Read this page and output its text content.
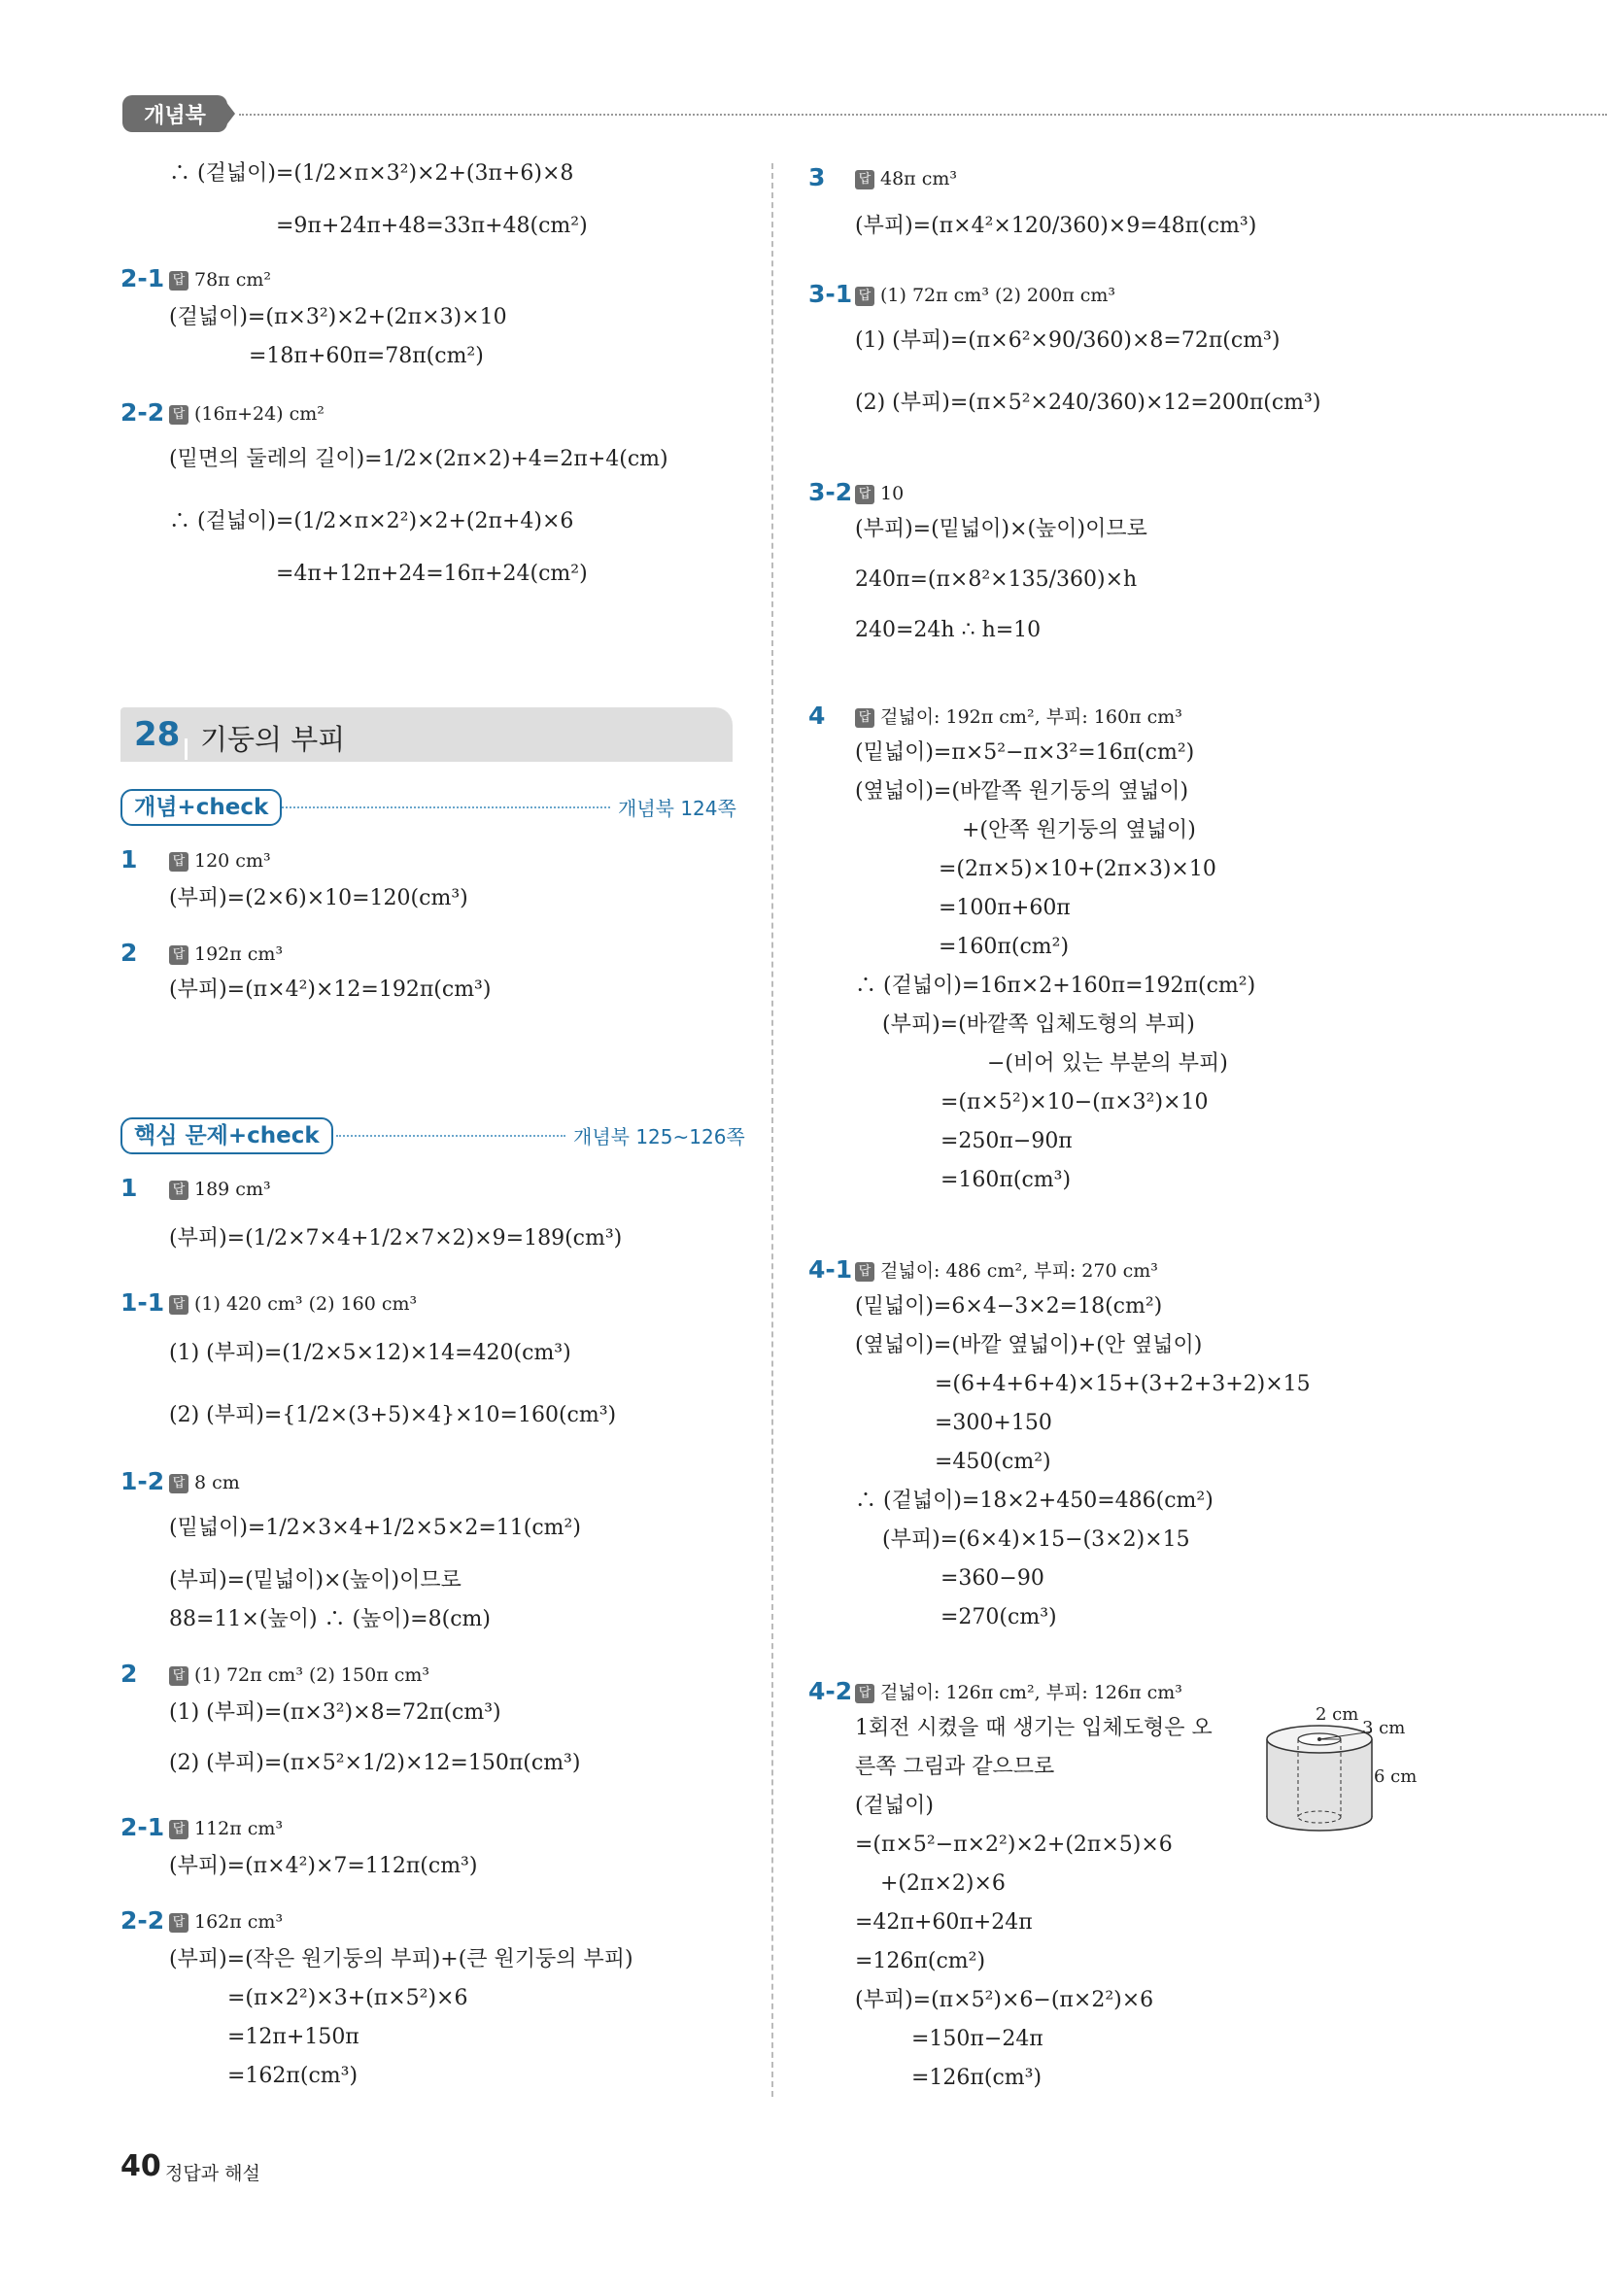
개념북
∴ (겉넓이)=(1/2×π×3²)×2+(3π+6)×8
=9π+24π+48=33π+48(cm²)
2-1 답 78π cm²
(겉넓이)=(π×3²)×2+(2π×3)×10
=18π+60π=78π(cm²)
2-2 답 (16π+24) cm²
(밑면의 둘레의 길이)=1/2×(2π×2)+4=2π+4(cm)
∴ (겉넓이)=(1/2×π×2²)×2+(2π+4)×6
=4π+12π+24=16π+24(cm²)
28 기둥의 부피
개념+check	개념북 124쪽
1	답 120 cm³
(부피)=(2×6)×10=120(cm³)
2	답 192π cm³
(부피)=(π×4²)×12=192π(cm³)
핵심 문제+check	개념북 125~126쪽
1	답 189 cm³
(부피)=(1/2×7×4+1/2×7×2)×9=189(cm³)
1-1 답 (1) 420 cm³ (2) 160 cm³
(1) (부피)=(1/2×5×12)×14=420(cm³)
(2) (부피)={1/2×(3+5)×4}×10=160(cm³)
1-2 답 8 cm
(밑넓이)=1/2×3×4+1/2×5×2=11(cm²)
(부피)=(밑넓이)×(높이)이므로
88=11×(높이) ∴ (높이)=8(cm)
2	답 (1) 72π cm³ (2) 150π cm³
(1) (부피)=(π×3²)×8=72π(cm³)
(2) (부피)=(π×5²×1/2)×12=150π(cm³)
2-1 답 112π cm³
(부피)=(π×4²)×7=112π(cm³)
2-2 답 162π cm³
(부피)=(작은 원기둥의 부피)+(큰 원기둥의 부피)
=(π×2²)×3+(π×5²)×6
=12π+150π
=162π(cm³)
3	답 48π cm³
(부피)=(π×4²×120/360)×9=48π(cm³)
3-1 답 (1) 72π cm³ (2) 200π cm³
(1) (부피)=(π×6²×90/360)×8=72π(cm³)
(2) (부피)=(π×5²×240/360)×12=200π(cm³)
3-2 답 10
(부피)=(밑넓이)×(높이)이므로
240π=(π×8²×135/360)×h
240=24h ∴ h=10
4	답 겉넓이: 192π cm², 부피: 160π cm³
(밑넓이)=π×5²−π×3²=16π(cm²)
(옆넓이)=(바깥쪽 원기둥의 옆넓이)
+(안쪽 원기둥의 옆넓이)
=(2π×5)×10+(2π×3)×10
=100π+60π
=160π(cm²)
∴ (겉넓이)=16π×2+160π=192π(cm²)
(부피)=(바깥쪽 입체도형의 부피)
−(비어 있는 부분의 부피)
=(π×5²)×10−(π×3²)×10
=250π−90π
=160π(cm³)
4-1 답 겉넓이: 486 cm², 부피: 270 cm³
(밑넓이)=6×4−3×2=18(cm²)
(옆넓이)=(바깥 옆넓이)+(안 옆넓이)
=(6+4+6+4)×15+(3+2+3+2)×15
=300+150
=450(cm²)
∴ (겉넓이)=18×2+450=486(cm²)
(부피)=(6×4)×15−(3×2)×15
=360−90
=270(cm³)
4-2 답 겉넓이: 126π cm², 부피: 126π cm³
1회전 시켰을 때 생기는 입체도형은 오
른쪽 그림과 같으므로
(겉넓이)
=(π×5²−π×2²)×2+(2π×5)×6
+(2π×2)×6
=42π+60π+24π
=126π(cm²)
(부피)=(π×5²)×6−(π×2²)×6
=150π−24π
=126π(cm³)
2 cm
3 cm
6 cm
40 정답과 해설
